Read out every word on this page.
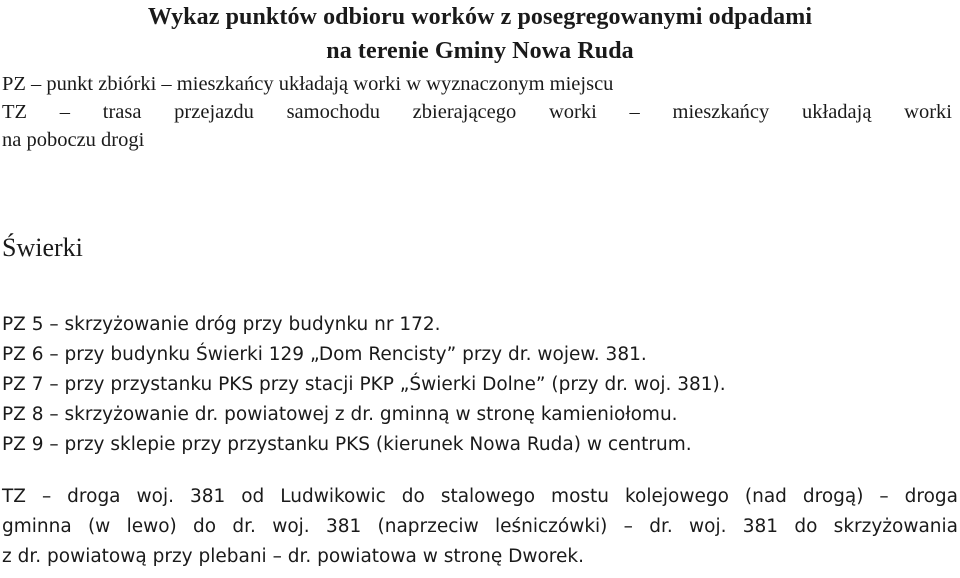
Wykaz punktów odbioru worków z posegregowanymi odpadami
na terenie Gminy Nowa Ruda
PZ – punkt zbiórki – mieszkańcy układają worki w wyznaczonym miejscu
TZ – trasa przejazdu samochodu zbierającego worki – mieszkańcy układają worki
na poboczu drogi
Świerki
PZ 5 – skrzyżowanie dróg przy budynku nr 172.
PZ 6 – przy budynku Świerki 129 „Dom Rencisty” przy dr. wojew. 381.
PZ 7 – przy przystanku PKS przy stacji PKP „Świerki Dolne” (przy dr. woj. 381).
PZ 8 – skrzyżowanie dr. powiatowej z dr. gminną w stronę kamieniołomu.
PZ 9 – przy sklepie przy przystanku PKS (kierunek Nowa Ruda) w centrum.

TZ – droga woj. 381 od Ludwikowic do stalowego mostu kolejowego (nad drogą) – droga
gminna (w lewo) do dr. woj. 381 (naprzeciw leśniczówki) – dr. woj. 381 do skrzyżowania
z dr. powiatową przy plebani – dr. powiatowa w stronę Dworek.
